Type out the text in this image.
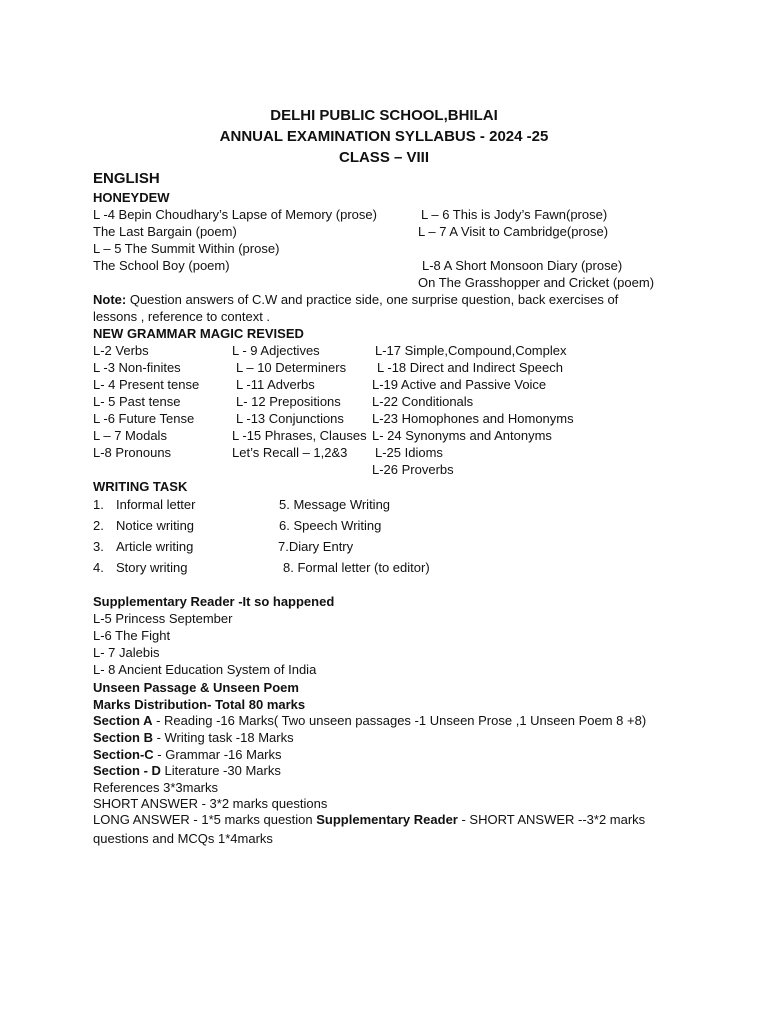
DELHI PUBLIC SCHOOL,BHILAI
ANNUAL EXAMINATION SYLLABUS - 2024 -25
CLASS – VIII
ENGLISH
HONEYDEW
L -4 Bepin Choudhary’s Lapse of Memory (prose)
The Last Bargain (poem)
L – 5 The Summit Within (prose)
The School Boy (poem)
L – 6 This is Jody’s Fawn(prose)
L – 7 A Visit to Cambridge(prose)
L-8 A Short Monsoon Diary (prose)
On The Grasshopper and Cricket (poem)
Note: Question answers of C.W and practice side, one surprise question, back exercises of
lessons , reference to context .
NEW GRAMMAR MAGIC REVISED
L-2 Verbs
L -3 Non-finites
L- 4 Present tense
L- 5 Past tense
L -6 Future Tense
L – 7 Modals
L-8 Pronouns
L - 9 Adjectives
L – 10 Determiners
L -11 Adverbs
L- 12 Prepositions
L -13 Conjunctions
L -15 Phrases, Clauses
Let’s Recall – 1,2&3
L-17 Simple,Compound,Complex
L -18 Direct and Indirect Speech
L-19 Active and Passive Voice
L-22 Conditionals
L-23 Homophones and Homonyms
L- 24 Synonyms and Antonyms
L-25 Idioms
L-26 Proverbs
WRITING TASK
1. Informal letter
2. Notice writing
3. Article writing
4. Story writing
5. Message Writing
6. Speech Writing
7.Diary Entry
8. Formal letter (to editor)
Supplementary Reader -It so happened
L-5 Princess September
L-6 The Fight
L- 7 Jalebis
L- 8 Ancient Education System of India
Unseen Passage & Unseen Poem
Marks Distribution- Total 80 marks
Section A - Reading -16 Marks( Two unseen passages -1 Unseen Prose ,1 Unseen Poem 8 +8)
Section B - Writing task -18 Marks
Section-C - Grammar -16 Marks
Section - D Literature -30 Marks
References 3*3marks
SHORT ANSWER - 3*2 marks questions
LONG ANSWER - 1*5 marks question Supplementary Reader - SHORT ANSWER --3*2 marks
questions and MCQs 1*4marks
